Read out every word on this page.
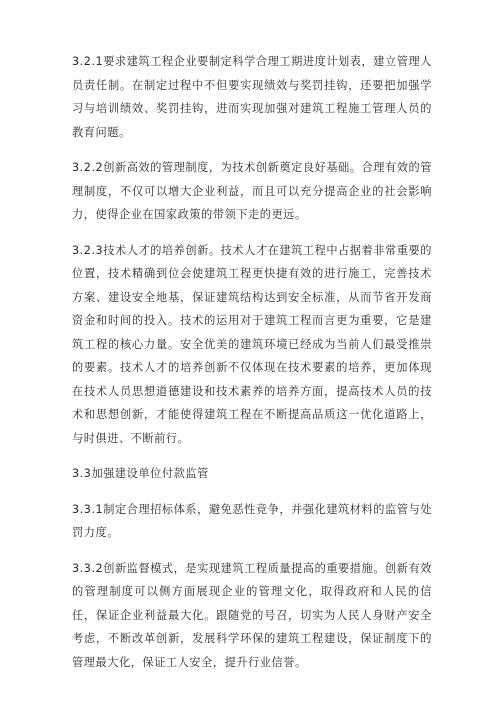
3.2.1要求建筑工程企业要制定科学合理工期进度计划表，建立管理人员责任制。在制定过程中不但要实现绩效与奖罚挂钩，还要把加强学习与培训绩效、奖罚挂钩，进而实现加强对建筑工程施工管理人员的教育问题。

3.2.2创新高效的管理制度，为技术创新奠定良好基础。合理有效的管理制度，不仅可以增大企业利益，而且可以充分提高企业的社会影响力，使得企业在国家政策的带领下走的更远。

3.2.3技术人才的培养创新。技术人才在建筑工程中占据着非常重要的位置，技术精确到位会使建筑工程更快捷有效的进行施工，完善技术方案、建设安全地基，保证建筑结构达到安全标准，从而节省开发商资金和时间的投入。技术的运用对于建筑工程而言更为重要，它是建筑工程的核心力量。安全优美的建筑环境已经成为当前人们最受推崇的要素。技术人才的培养创新不仅体现在技术要素的培养，更加体现在技术人员思想道德建设和技术素养的培养方面，提高技术人员的技术和思想创新，才能使得建筑工程在不断提高品质这一优化道路上，与时俱进、不断前行。

3.3加强建设单位付款监管

3.3.1制定合理招标体系，避免恶性竞争，并强化建筑材料的监管与处罚力度。

3.3.2创新监督模式，是实现建筑工程质量提高的重要措施。创新有效的管理制度可以侧方面展现企业的管理文化，取得政府和人民的信任，保证企业利益最大化。跟随党的号召，切实为人民人身财产安全考虑，不断改革创新，发展科学环保的建筑工程建设，保证制度下的管理最大化，保证工人安全，提升行业信誉。
